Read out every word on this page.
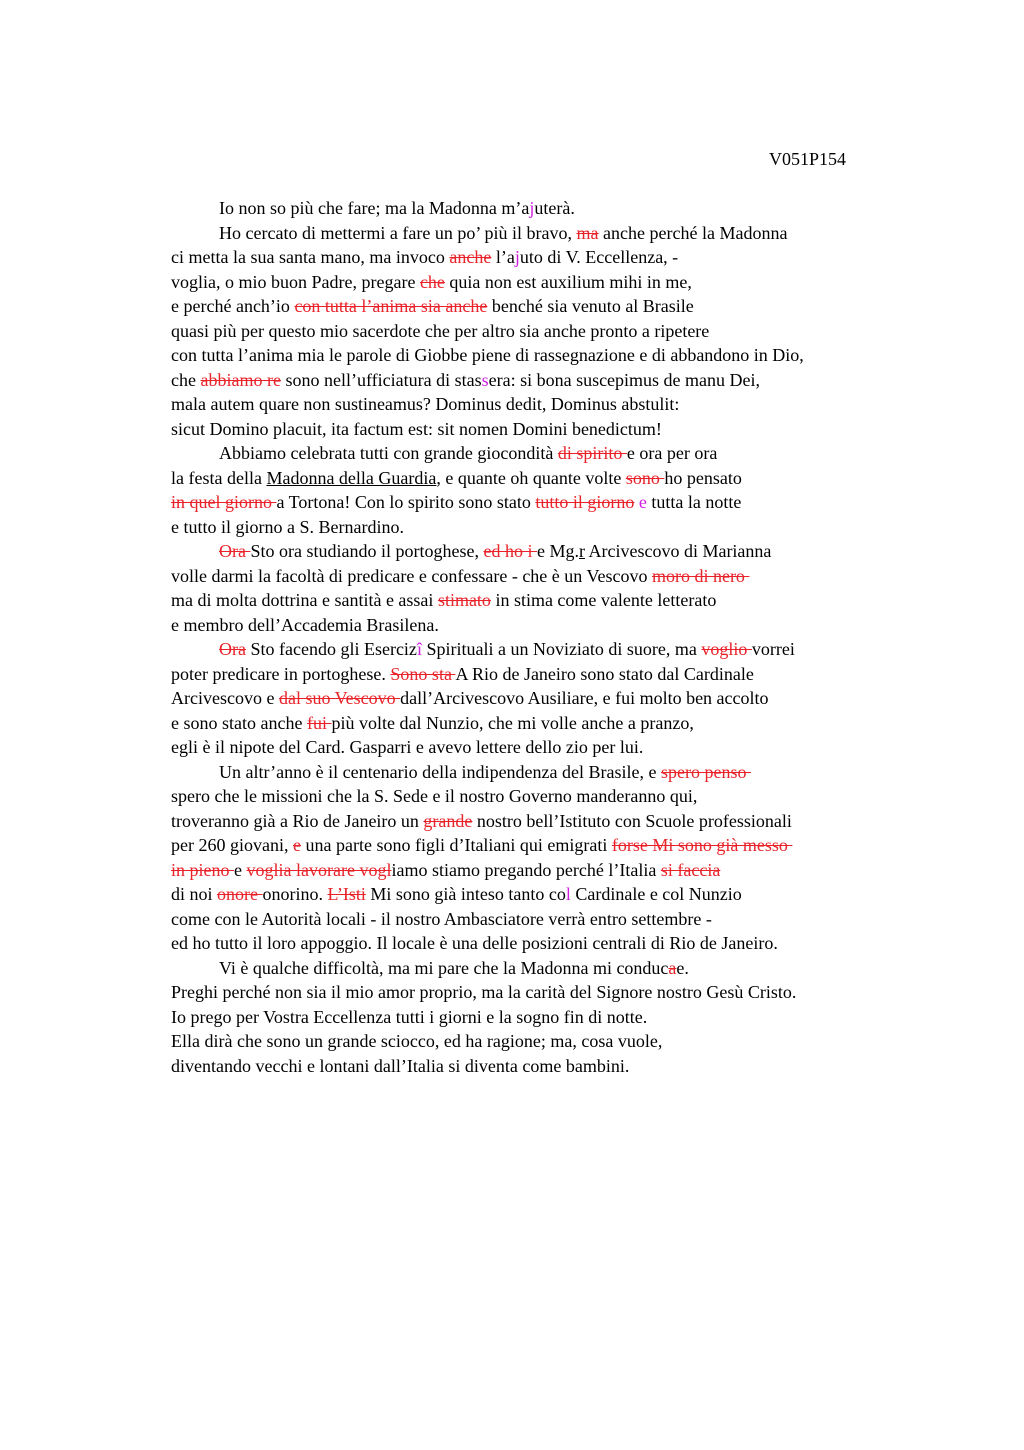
V051P154
Io non so più che fare; ma la Madonna m’ajuterà.
Ho cercato di mettermi a fare un po’ più il bravo, ma anche perché la Madonna
ci metta la sua santa mano, ma invoco anche l’ajuto di V. Eccellenza, -
voglia, o mio buon Padre, pregare che quia non est auxilium mihi in me,
e perché anch’io con tutta l’anima sia anche benché sia venuto al Brasile
quasi più per questo mio sacerdote che per altro sia anche pronto a ripetere
con tutta l’anima mia le parole di Giobbe piene di rassegnazione e di abbandono in Dio,
che abbiamo re sono nell’ufficiatura di stassera: si bona suscepimus de manu Dei,
mala autem quare non sustineamus? Dominus dedit, Dominus abstulit:
sicut Domino placuit, ita factum est: sit nomen Domini benedictum!
Abbiamo celebrata tutti con grande giocondità di spirito e ora per ora
la festa della Madonna della Guardia, e quante oh quante volte sono ho pensato
in quel giorno a Tortona! Con lo spirito sono stato tutto il giorno e tutta la notte
e tutto il giorno a S. Bernardino.
Ora Sto ora studiando il portoghese, ed ho i e Mg.r Arcivescovo di Marianna
volle darmi la facoltà di predicare e confessare - che è un Vescovo moro di nero
ma di molta dottrina e santità e assai stimato in stima come valente letterato
e membro dell’Accademia Brasilena.
Ora Sto facendo gli Esercizî Spirituali a un Noviziato di suore, ma voglio vorrei
poter predicare in portoghese. Sono sta A Rio de Janeiro sono stato dal Cardinale
Arcivescovo e dal suo Vescovo dall’Arcivescovo Ausiliare, e fui molto ben accolto
e sono stato anche fui più volte dal Nunzio, che mi volle anche a pranzo,
egli è il nipote del Card. Gasparri e avevo lettere dello zio per lui.
Un altr’anno è il centenario della indipendenza del Brasile, e spero penso
spero che le missioni che la S. Sede e il nostro Governo manderanno qui,
troveranno già a Rio de Janeiro un grande nostro bell’Istituto con Scuole professionali
per 260 giovani, e una parte sono figli d’Italiani qui emigrati forse Mi sono già messo
in pieno e voglia lavorare vogliamo stiamo pregando perché l’Italia si faccia
di noi onore onorino. L’Isti Mi sono già inteso tanto col Cardinale e col Nunzio
come con le Autorità locali - il nostro Ambasciatore verrà entro settembre -
ed ho tutto il loro appoggio. Il locale è una delle posizioni centrali di Rio de Janeiro.
Vi è qualche difficoltà, ma mi pare che la Madonna mi conducae.
Preghi perché non sia il mio amor proprio, ma la carità del Signore nostro Gesù Cristo.
Io prego per Vostra Eccellenza tutti i giorni e la sogno fin di notte.
Ella dirà che sono un grande sciocco, ed ha ragione; ma, cosa vuole,
diventando vecchi e lontani dall’Italia si diventa come bambini.
